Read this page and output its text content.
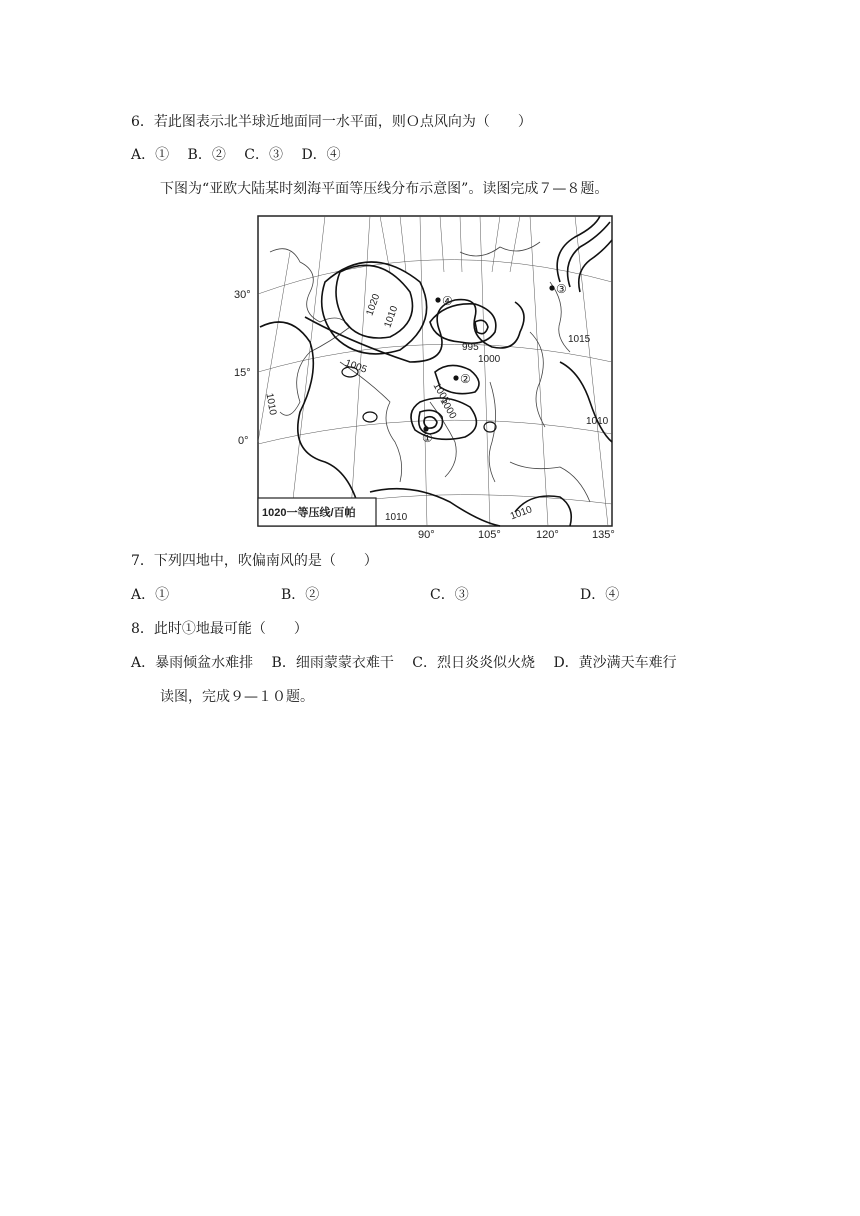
6．若此图表示北半球近地面同一水平面，则Ｏ点风向为（　　）
A．①　 B．②　 C．③　 D．④
下图为“亚欧大陆某时刻海平面等压线分布示意图”。读图完成７—８题。
30°
15°
0°
90°	105°	120°	135°
1020 1010
1005
995
1000
1005
1000
1015
1010
1010
1010	1010
④
③
②
①
1020一等压线/百帕
7．下列四地中，吹偏南风的是（　　）
A．①	B．②	C．③	D．④
8．此时①地最可能（　　）
A．暴雨倾盆水难排　 B．细雨蒙蒙衣难干　 C．烈日炎炎似火烧　 D．黄沙满天车难行
读图，完成９—１０题。
